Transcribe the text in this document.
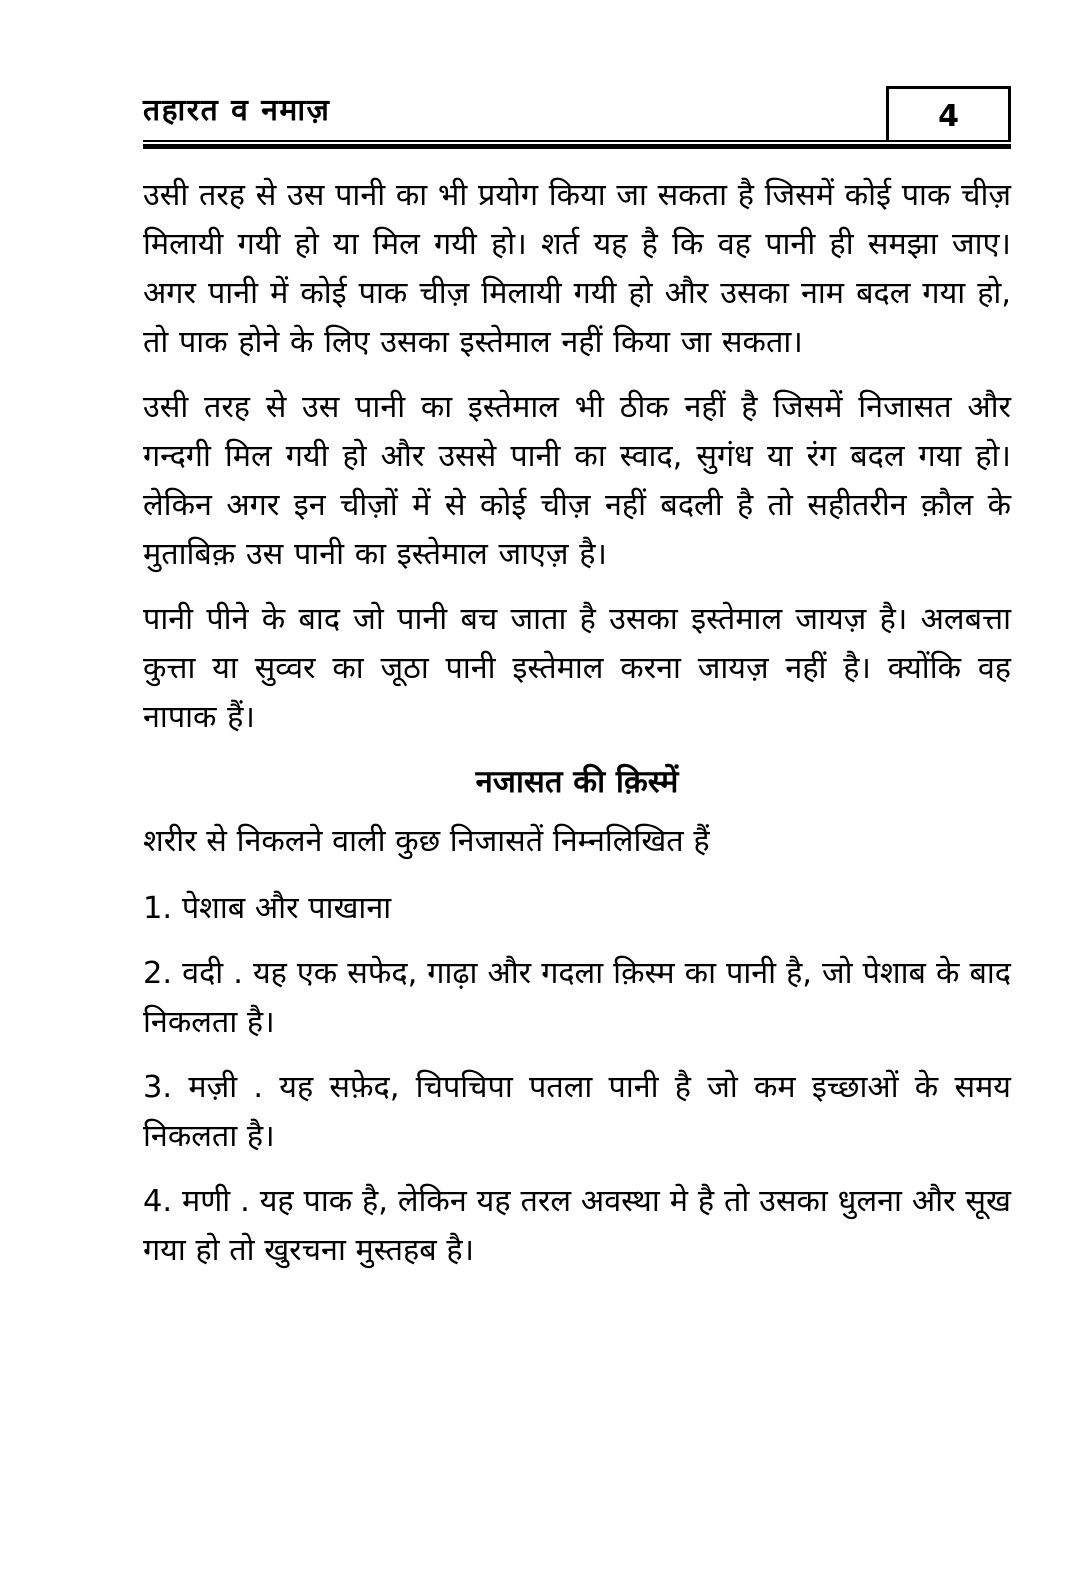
तहारत व नमाज़	4

उसी तरह से उस पानी का भी प्रयोग किया जा सकता है जिसमें कोई पाक चीज़ मिलायी गयी हो या मिल गयी हो। शर्त यह है कि वह पानी ही समझा जाए। अगर पानी में कोई पाक चीज़ मिलायी गयी हो और उसका नाम बदल गया हो, तो पाक होने के लिए उसका इस्तेमाल नहीं किया जा सकता।

उसी तरह से उस पानी का इस्तेमाल भी ठीक नहीं है जिसमें निजासत और गन्दगी मिल गयी हो और उससे पानी का स्वाद, सुगंध या रंग बदल गया हो। लेकिन अगर इन चीज़ों में से कोई चीज़ नहीं बदली है तो सहीतरीन क़ौल के मुताबिक़ उस पानी का इस्तेमाल जाएज़ है।

पानी पीने के बाद जो पानी बच जाता है उसका इस्तेमाल जायज़ है। अलबत्ता कुत्ता या सुव्वर का जूठा पानी इस्तेमाल करना जायज़ नहीं है। क्योंकि वह नापाक हैं।

नजासत की क़िस्में

शरीर से निकलने वाली कुछ निजासतें निम्नलिखित हैं

1. पेशाब और पाखाना
2. वदी . यह एक सफेद, गाढ़ा और गदला क़िस्म का पानी है, जो पेशाब के बाद निकलता है।
3. मज़ी . यह सफ़ेद, चिपचिपा पतला पानी है जो कम इच्छाओं के समय निकलता है।
4. मणी . यह पाक है, लेकिन यह तरल अवस्था मे है तो उसका धुलना और सूख गया हो तो खुरचना मुस्तहब है।
